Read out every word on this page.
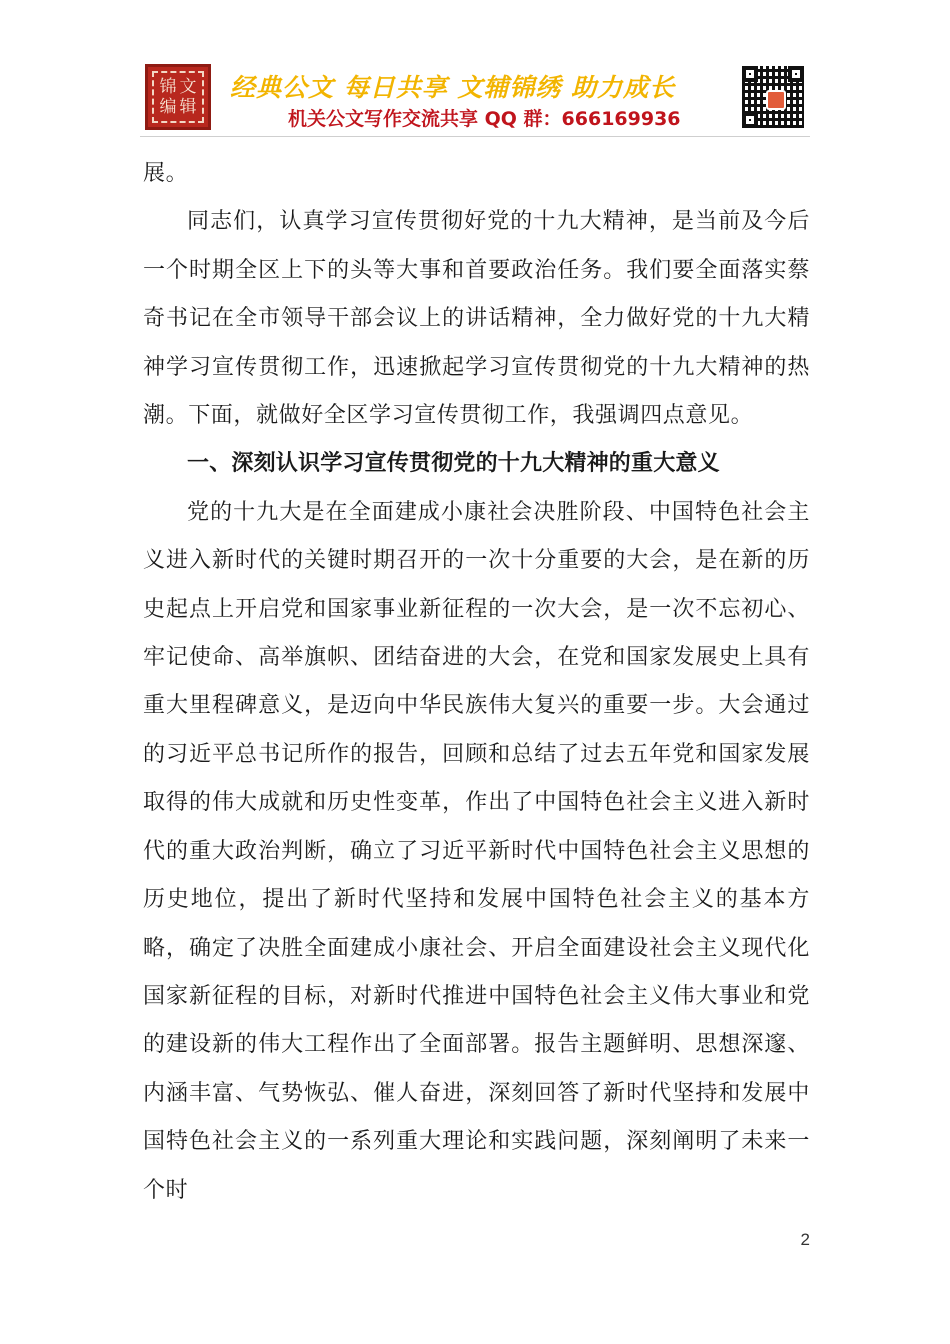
锦 文
编 辑
经典公文 每日共享 文辅锦绣 助力成长
机关公文写作交流共享 QQ 群：666169936

展。

同志们，认真学习宣传贯彻好党的十九大精神，是当前及今后一个时期全区上下的头等大事和首要政治任务。我们要全面落实蔡奇书记在全市领导干部会议上的讲话精神，全力做好党的十九大精神学习宣传贯彻工作，迅速掀起学习宣传贯彻党的十九大精神的热潮。下面，就做好全区学习宣传贯彻工作，我强调四点意见。

一、深刻认识学习宣传贯彻党的十九大精神的重大意义

党的十九大是在全面建成小康社会决胜阶段、中国特色社会主义进入新时代的关键时期召开的一次十分重要的大会，是在新的历史起点上开启党和国家事业新征程的一次大会，是一次不忘初心、牢记使命、高举旗帜、团结奋进的大会，在党和国家发展史上具有重大里程碑意义，是迈向中华民族伟大复兴的重要一步。大会通过的习近平总书记所作的报告，回顾和总结了过去五年党和国家发展取得的伟大成就和历史性变革，作出了中国特色社会主义进入新时代的重大政治判断，确立了习近平新时代中国特色社会主义思想的历史地位，提出了新时代坚持和发展中国特色社会主义的基本方略，确定了决胜全面建成小康社会、开启全面建设社会主义现代化国家新征程的目标，对新时代推进中国特色社会主义伟大事业和党的建设新的伟大工程作出了全面部署。报告主题鲜明、思想深邃、内涵丰富、气势恢弘、催人奋进，深刻回答了新时代坚持和发展中国特色社会主义的一系列重大理论和实践问题，深刻阐明了未来一个时

2
